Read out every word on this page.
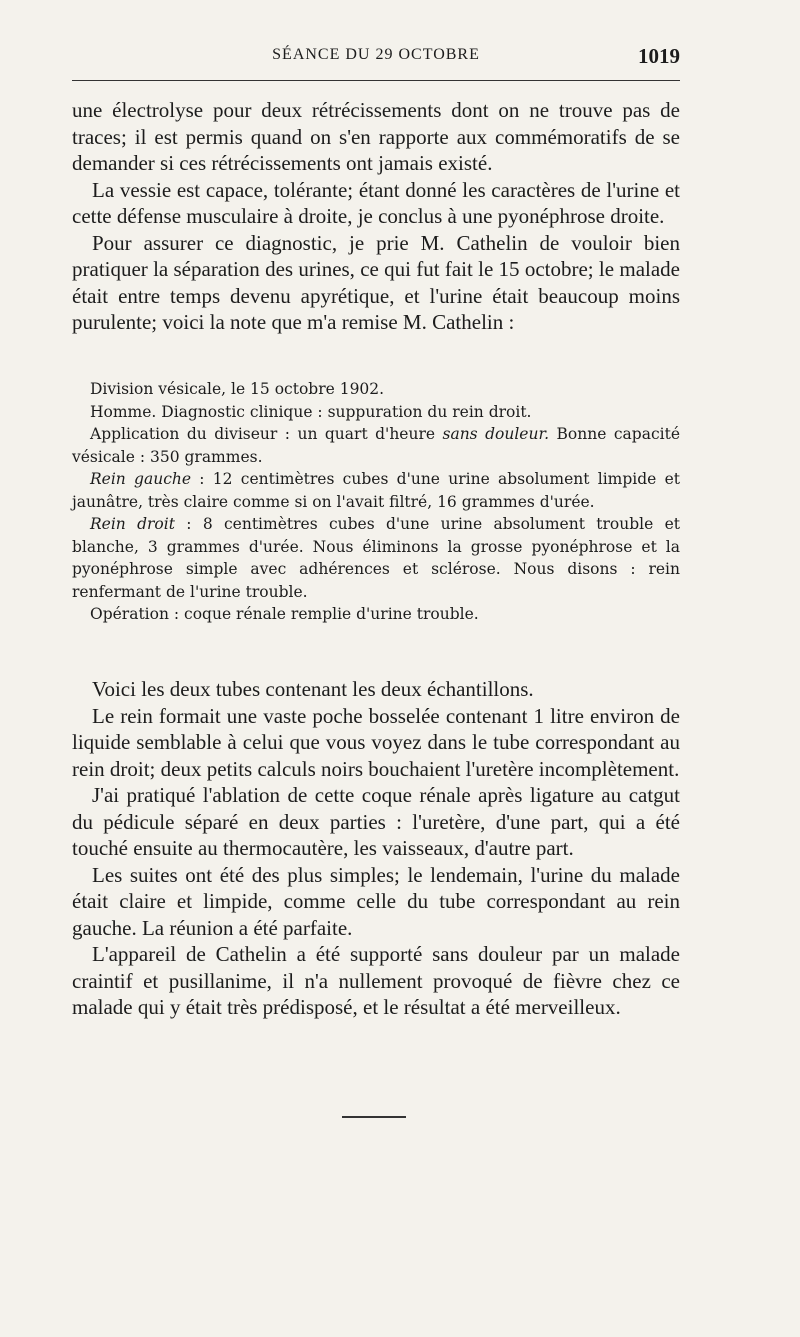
SÉANCE DU 29 OCTOBRE	1019

une électrolyse pour deux rétrécissements dont on ne trouve pas de traces; il est permis quand on s'en rapporte aux commémoratifs de se demander si ces rétrécissements ont jamais existé.

La vessie est capace, tolérante; étant donné les caractères de l'urine et cette défense musculaire à droite, je conclus à une pyonéphrose droite.

Pour assurer ce diagnostic, je prie M. Cathelin de vouloir bien pratiquer la séparation des urines, ce qui fut fait le 15 octobre; le malade était entre temps devenu apyrétique, et l'urine était beaucoup moins purulente; voici la note que m'a remise M. Cathelin :

Division vésicale, le 15 octobre 1902.

Homme. Diagnostic clinique : suppuration du rein droit.

Application du diviseur : un quart d'heure sans douleur. Bonne capacité vésicale : 350 grammes.

Rein gauche : 12 centimètres cubes d'une urine absolument limpide et jaunâtre, très claire comme si on l'avait filtré, 16 grammes d'urée.

Rein droit : 8 centimètres cubes d'une urine absolument trouble et blanche, 3 grammes d'urée. Nous éliminons la grosse pyonéphrose et la pyonéphrose simple avec adhérences et sclérose. Nous disons : rein renfermant de l'urine trouble.

Opération : coque rénale remplie d'urine trouble.

Voici les deux tubes contenant les deux échantillons.

Le rein formait une vaste poche bosselée contenant 1 litre environ de liquide semblable à celui que vous voyez dans le tube correspondant au rein droit; deux petits calculs noirs bouchaient l'uretère incomplètement.

J'ai pratiqué l'ablation de cette coque rénale après ligature au catgut du pédicule séparé en deux parties : l'uretère, d'une part, qui a été touché ensuite au thermocautère, les vaisseaux, d'autre part.

Les suites ont été des plus simples; le lendemain, l'urine du malade était claire et limpide, comme celle du tube correspondant au rein gauche. La réunion a été parfaite.

L'appareil de Cathelin a été supporté sans douleur par un malade craintif et pusillanime, il n'a nullement provoqué de fièvre chez ce malade qui y était très prédisposé, et le résultat a été merveilleux.
